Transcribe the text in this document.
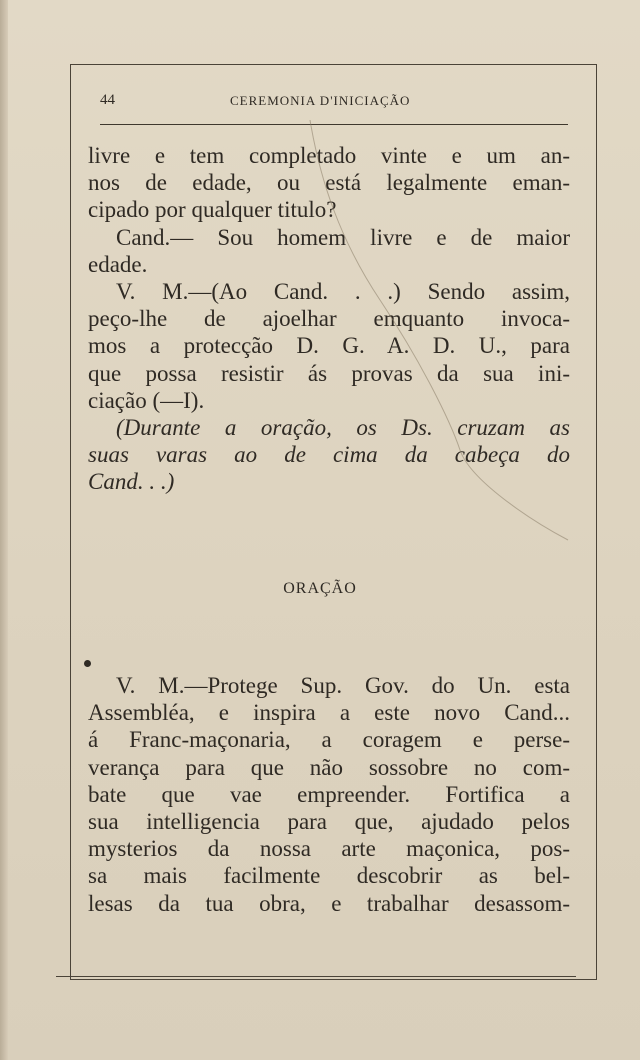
44	CEREMONIA D'INICIAÇÃO
livre e tem completado vinte e um an-
nos de edade, ou está legalmente eman-
cipado por qualquer titulo?
Cand.— Sou homem livre e de maior
edade.
V. M.—(Ao Cand. . .) Sendo assim,
peço-lhe de ajoelhar emquanto invoca-
mos a protecção D. G. A. D. U., para
que possa resistir ás provas da sua ini-
ciação (—I).
(Durante a oração, os Ds. cruzam as
suas varas ao de cima da cabeça do
Cand. . .)
ORAÇÃO
V. M.—Protege Sup. Gov. do Un. esta
Assembléa, e inspira a este novo Cand...
á Franc-maçonaria, a coragem e perse-
verança para que não sossobre no com-
bate que vae empreender. Fortifica a
sua intelligencia para que, ajudado pelos
mysterios da nossa arte maçonica, pos-
sa mais facilmente descobrir as bel-
lesas da tua obra, e trabalhar desassom-
